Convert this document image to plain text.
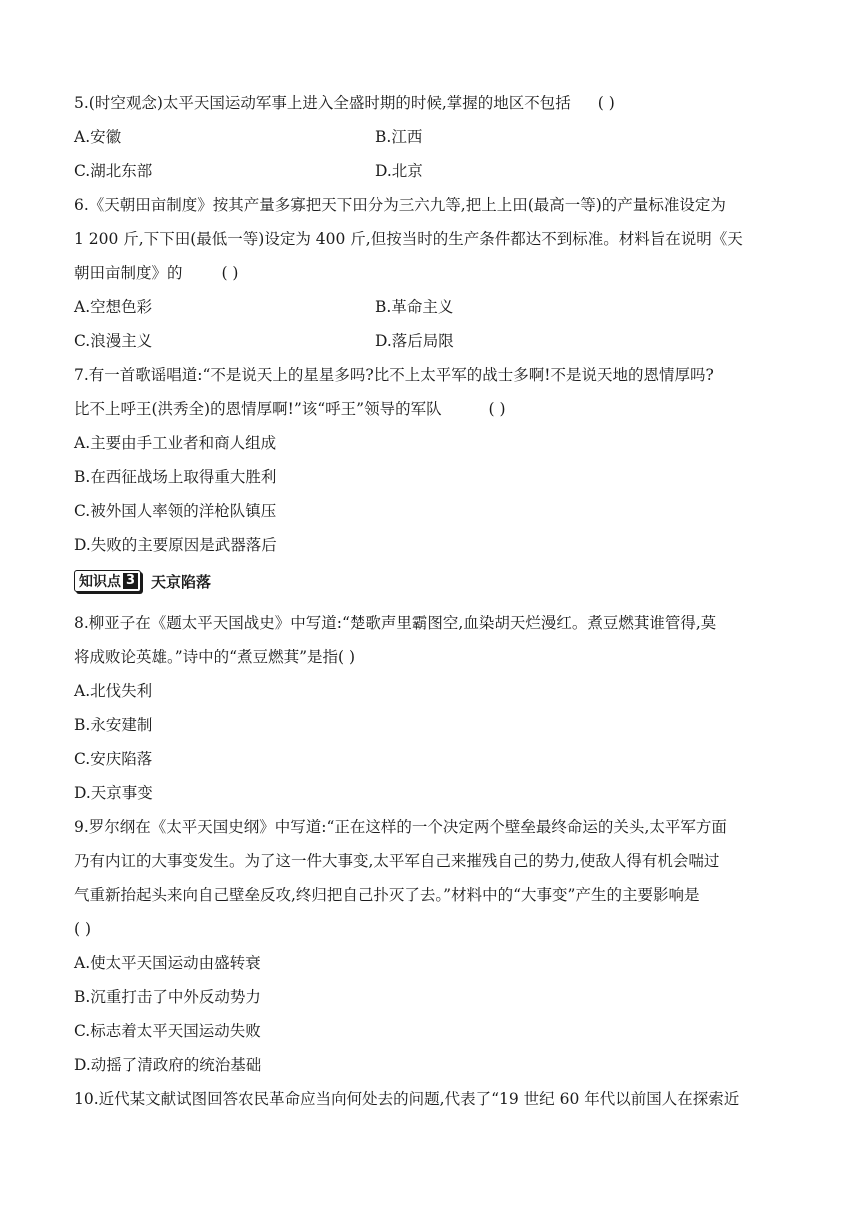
5.(时空观念)太平天国运动军事上进入全盛时期的时候,掌握的地区不包括 ( )
A.安徽	B.江西
C.湖北东部	D.北京
6.《天朝田亩制度》按其产量多寡把天下田分为三六九等,把上上田(最高一等)的产量标准设定为
1 200 斤,下下田(最低一等)设定为 400 斤,但按当时的生产条件都达不到标准。材料旨在说明《天
朝田亩制度》的	( )
A.空想色彩	B.革命主义
C.浪漫主义	D.落后局限
7.有一首歌谣唱道:“不是说天上的星星多吗?比不上太平军的战士多啊!不是说天地的恩情厚吗?
比不上呼王(洪秀全)的恩情厚啊!”该“呼王”领导的军队	( )
A.主要由手工业者和商人组成
B.在西征战场上取得重大胜利
C.被外国人率领的洋枪队镇压
D.失败的主要原因是武器落后
知识点 3 天京陷落
8.柳亚子在《题太平天国战史》中写道:“楚歌声里霸图空,血染胡天烂漫红。煮豆燃萁谁管得,莫
将成败论英雄。”诗中的“煮豆燃萁”是指( )
A.北伐失利
B.永安建制
C.安庆陷落
D.天京事变
9.罗尔纲在《太平天国史纲》中写道:“正在这样的一个决定两个壁垒最终命运的关头,太平军方面
乃有内讧的大事变发生。为了这一件大事变,太平军自己来摧残自己的势力,使敌人得有机会喘过
气重新抬起头来向自己壁垒反攻,终归把自己扑灭了去。”材料中的“大事变”产生的主要影响是
( )
A.使太平天国运动由盛转衰
B.沉重打击了中外反动势力
C.标志着太平天国运动失败
D.动摇了清政府的统治基础
10.近代某文献试图回答农民革命应当向何处去的问题,代表了“19 世纪 60 年代以前国人在探索近
